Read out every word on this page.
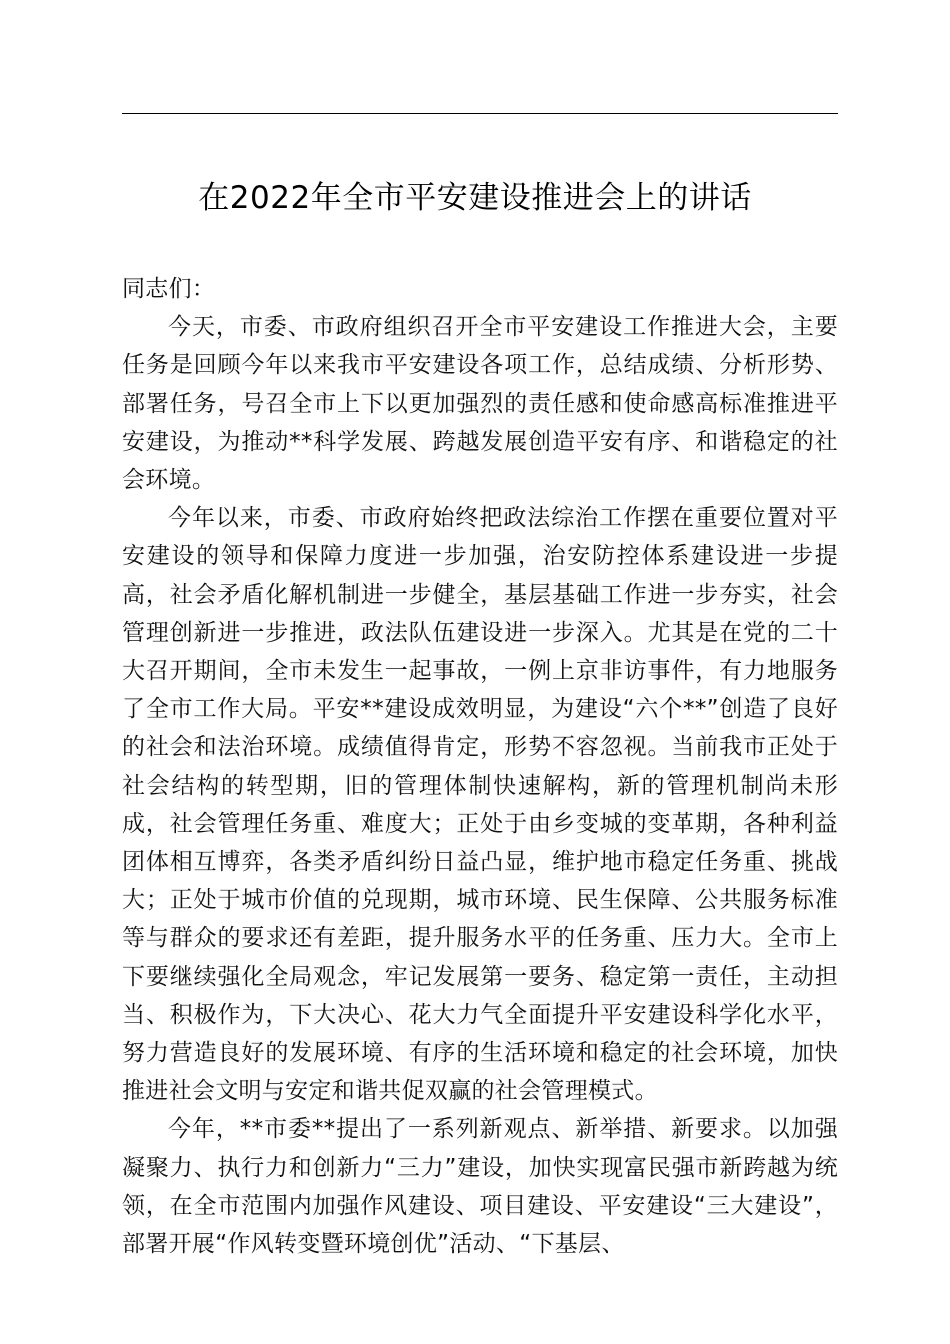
在2022年全市平安建设推进会上的讲话

同志们：

今天，市委、市政府组织召开全市平安建设工作推进大会，主要任务是回顾今年以来我市平安建设各项工作，总结成绩、分析形势、部署任务，号召全市上下以更加强烈的责任感和使命感高标准推进平安建设，为推动**科学发展、跨越发展创造平安有序、和谐稳定的社会环境。

今年以来，市委、市政府始终把政法综治工作摆在重要位置对平安建设的领导和保障力度进一步加强，治安防控体系建设进一步提高，社会矛盾化解机制进一步健全，基层基础工作进一步夯实，社会管理创新进一步推进，政法队伍建设进一步深入。尤其是在党的二十大召开期间，全市未发生一起事故，一例上京非访事件，有力地服务了全市工作大局。平安**建设成效明显，为建设“六个**”创造了良好的社会和法治环境。成绩值得肯定，形势不容忽视。当前我市正处于社会结构的转型期，旧的管理体制快速解构，新的管理机制尚未形成，社会管理任务重、难度大；正处于由乡变城的变革期，各种利益团体相互博弈，各类矛盾纠纷日益凸显，维护地市稳定任务重、挑战大；正处于城市价值的兑现期，城市环境、民生保障、公共服务标准等与群众的要求还有差距，提升服务水平的任务重、压力大。全市上下要继续强化全局观念，牢记发展第一要务、稳定第一责任，主动担当、积极作为，下大决心、花大力气全面提升平安建设科学化水平，努力营造良好的发展环境、有序的生活环境和稳定的社会环境，加快推进社会文明与安定和谐共促双赢的社会管理模式。

今年，**市委**提出了一系列新观点、新举措、新要求。以加强凝聚力、执行力和创新力“三力”建设，加快实现富民强市新跨越为统领，在全市范围内加强作风建设、项目建设、平安建设“三大建设”，部署开展“作风转变暨环境创优”活动、“下基层、
